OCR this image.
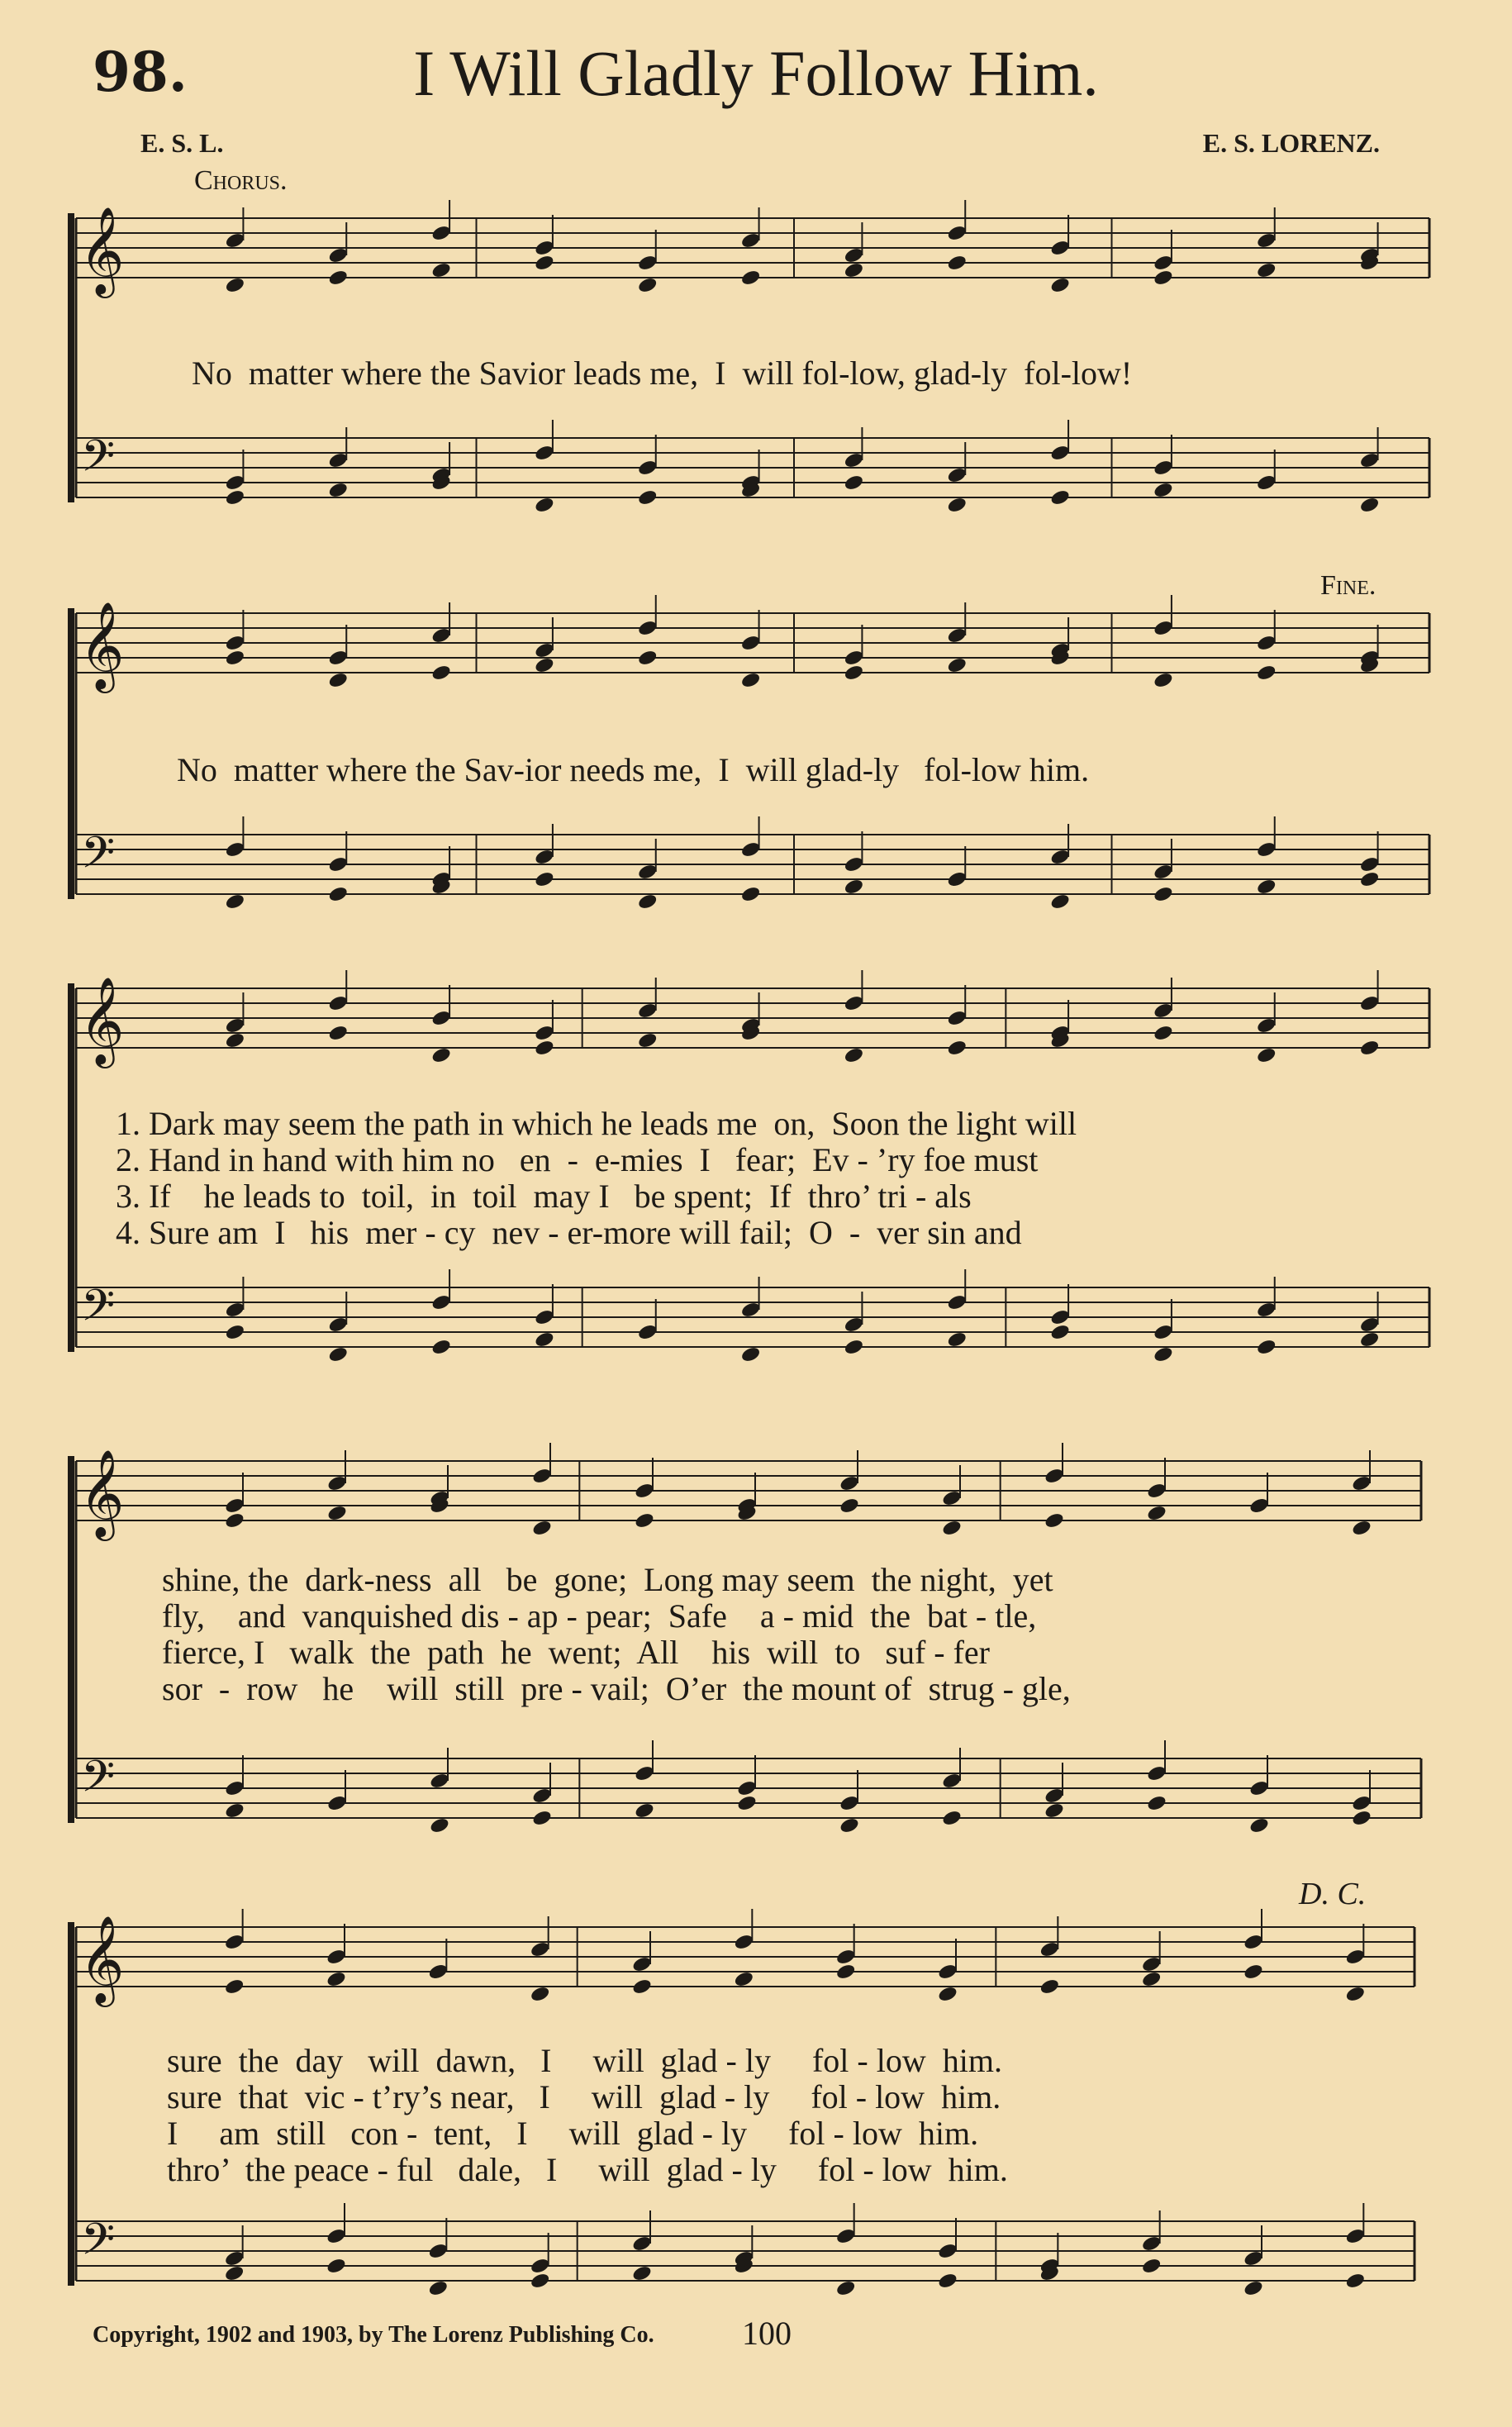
98.	I Will Gladly Follow Him.
E. S. L.	E. S. LORENZ.
Chorus.
Fine.
D. C.
𝄞
𝄢
𝄞
𝄢
𝄞
𝄢
𝄞
𝄢
𝄞
𝄢
No  matter where the Savior leads me,  I  will fol-low, glad-ly  fol-low!
No  matter where the Sav-ior needs me,  I  will glad-ly   fol-low him.
1. Dark may seem the path in which he leads me  on,  Soon the light will
2. Hand in hand with him no   en  -  e-mies  I   fear;  Ev - ’ry foe must
3. If    he leads to  toil,  in  toil  may I   be spent;  If  thro’ tri - als
4. Sure am  I   his  mer - cy  nev - er-more will fail;  O  -  ver sin and
shine, the  dark-ness  all   be  gone;  Long may seem  the night,  yet
fly,    and  vanquished dis - ap - pear;  Safe    a - mid  the  bat - tle,
fierce, I   walk  the  path  he  went;  All    his  will  to   suf - fer
sor  -  row   he    will  still  pre - vail;  O’er  the mount of  strug - gle,
sure  the  day   will  dawn,   I     will  glad - ly     fol - low  him.
sure  that  vic - t’ry’s near,   I     will  glad - ly     fol - low  him.
I     am  still   con -  tent,   I     will  glad - ly     fol - low  him.
thro’  the peace - ful   dale,   I     will  glad - ly     fol - low  him.
Copyright, 1902 and 1903, by The Lorenz Publishing Co.	100
